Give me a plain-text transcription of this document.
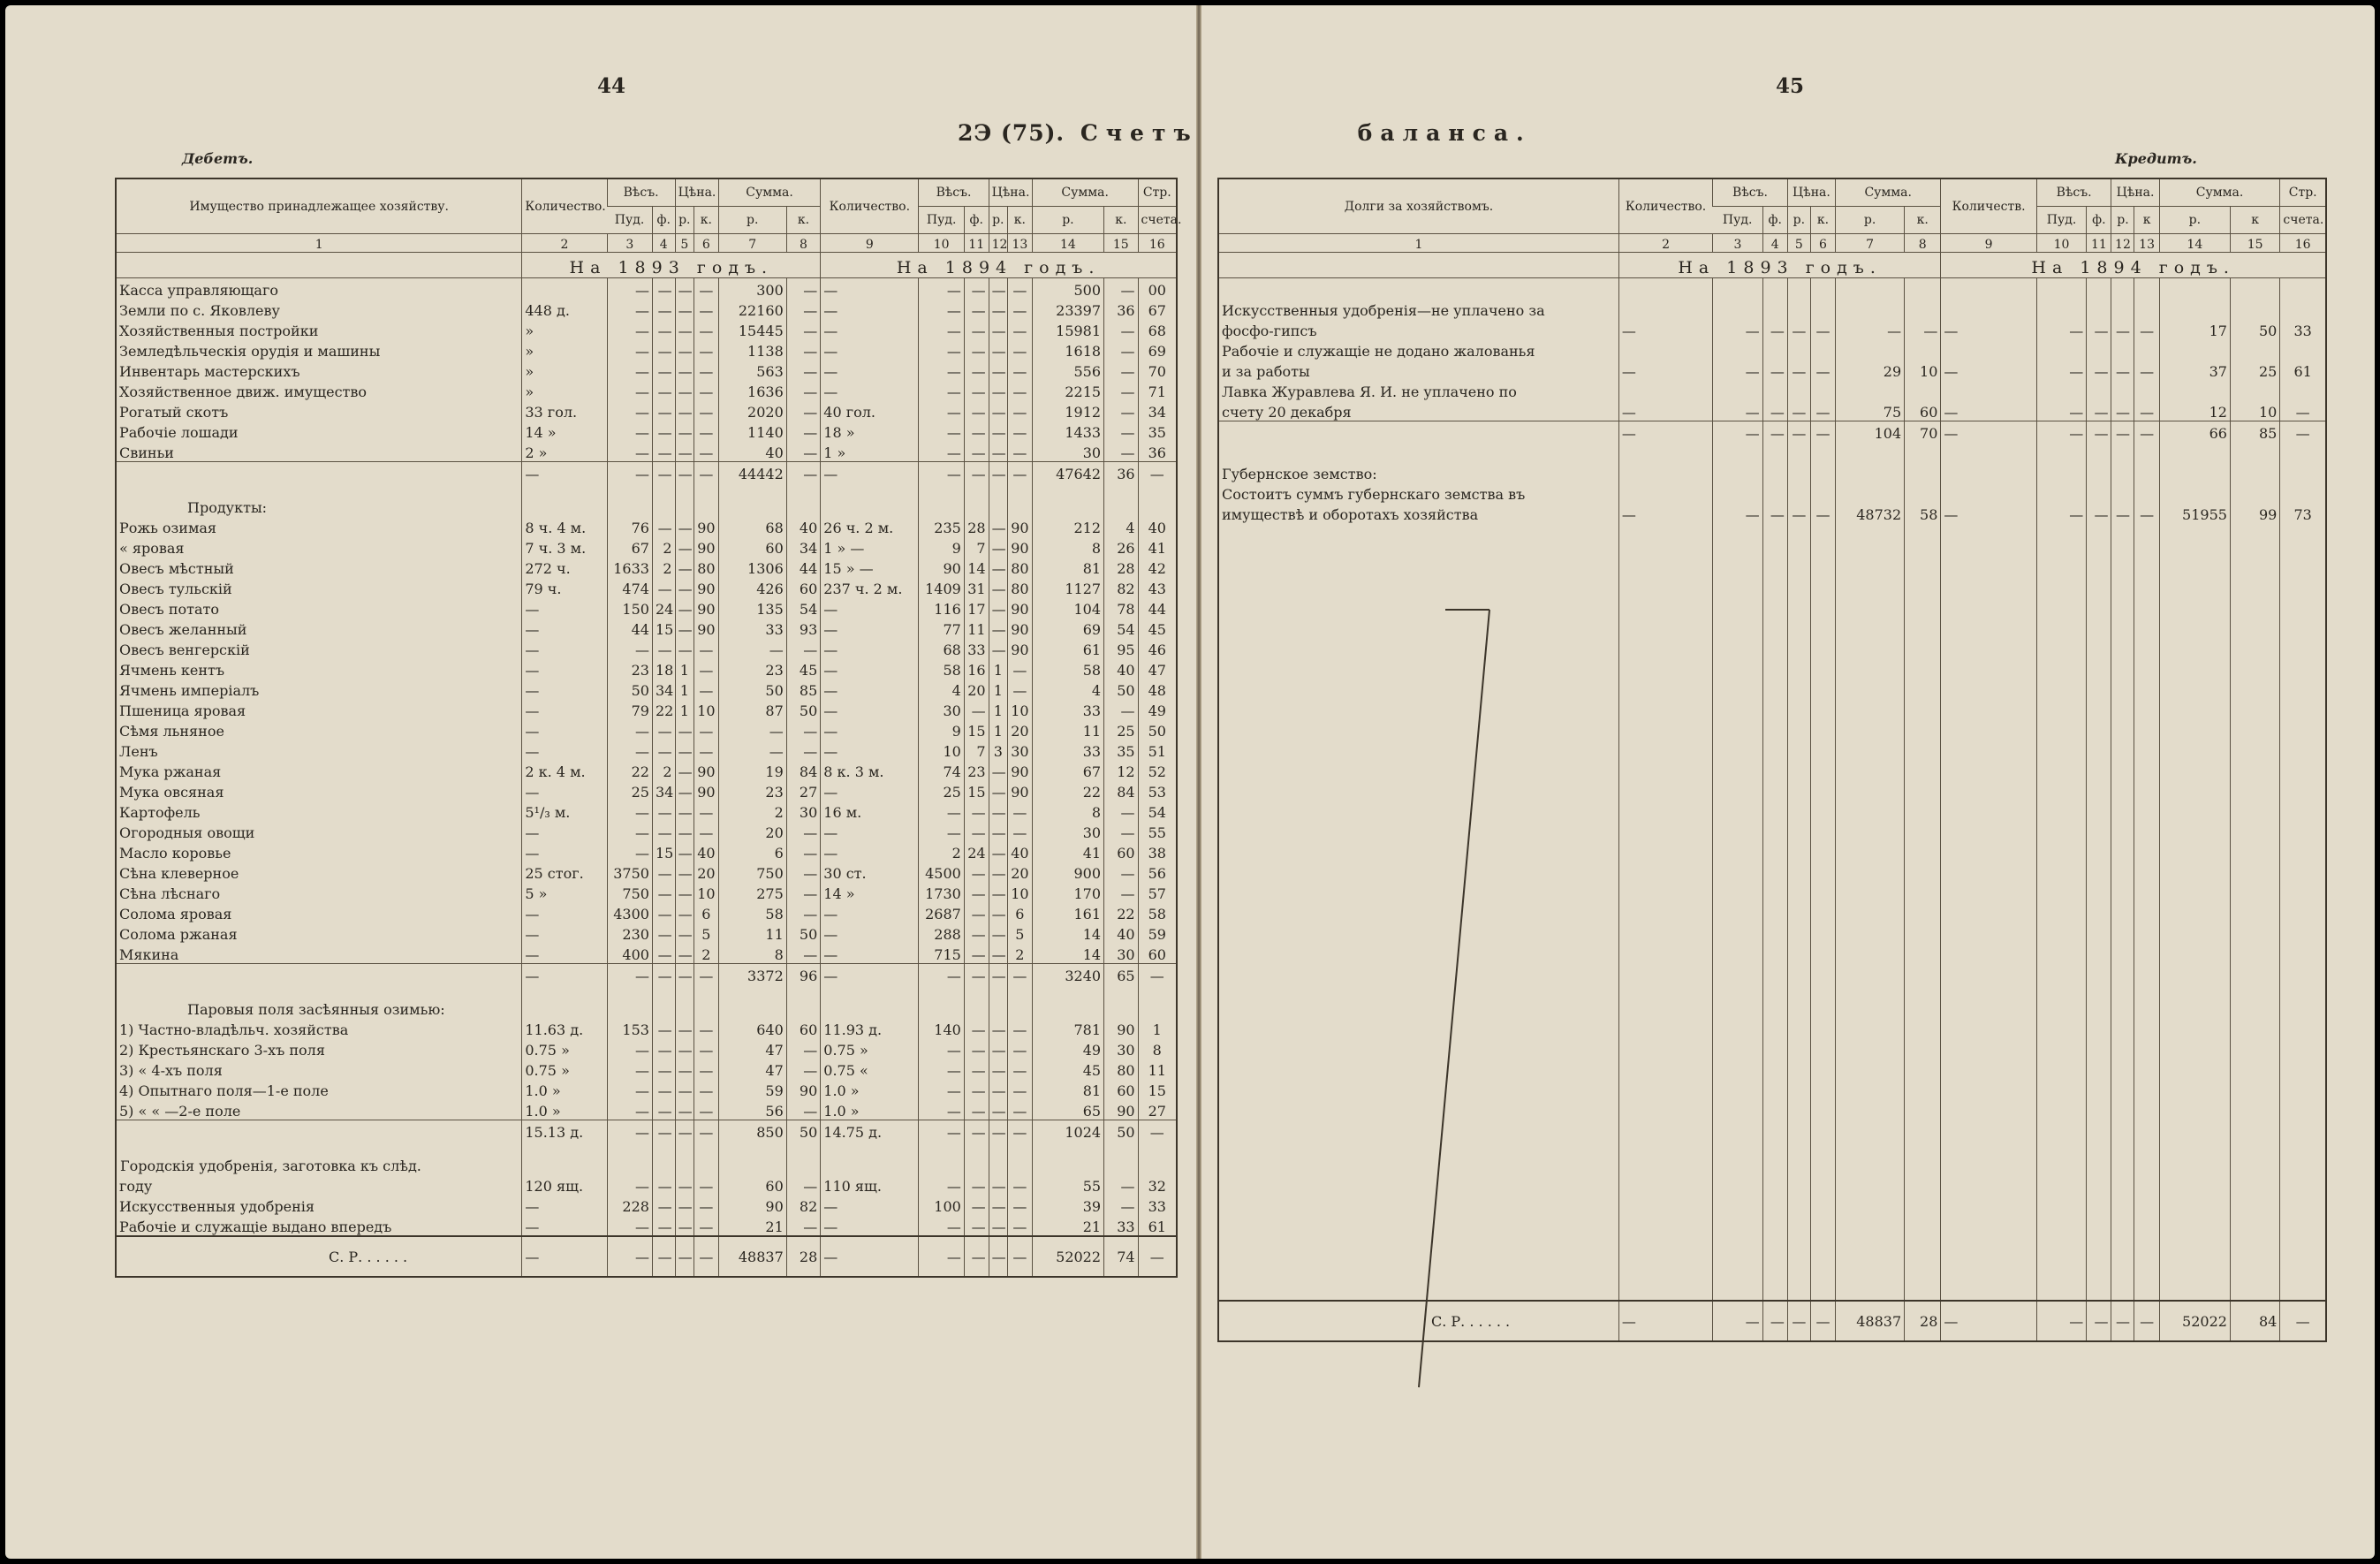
44	45
2Э (75). Счетъ	баланса.
Дебетъ.	Кредитъ.
Имущество принадлежащее хозяйству.	Количество.	Вѣсъ.		Цѣна.		Сумма.		Количество.	Вѣсъ.		Цѣна.		Сумма.		Стр.
		Пуд.	ф.	р.	к.	р.	к.		Пуд.	ф.	р.	к.	р.	к.	счета.
1	2	3	4	5	6	7	8	9	10	11	12	13	14	15	16
	На 1893 годъ.							На 1894 годъ.							
Касса управляющаго		—	—	—	—	300	—	—	—	—	—	—	500	—	00
Земли по с. Яковлеву	448 д.	—	—	—	—	22160	—	—	—	—	—	—	23397	36	67
Хозяйственныя постройки	»	—	—	—	—	15445	—	—	—	—	—	—	15981	—	68
Земледѣльческія орудія и машины	»	—	—	—	—	1138	—	—	—	—	—	—	1618	—	69
Инвентарь мастерскихъ	»	—	—	—	—	563	—	—	—	—	—	—	556	—	70
Хозяйственное движ. имущество	»	—	—	—	—	1636	—	—	—	—	—	—	2215	—	71
Рогатый скотъ	33 гол.	—	—	—	—	2020	—	40 гол.	—	—	—	—	1912	—	34
Рабочіе лошади	14 »	—	—	—	—	1140	—	18 »	—	—	—	—	1433	—	35
Свиньи	2 »	—	—	—	—	40	—	1 »	—	—	—	—	30	—	36
	—	—	—	—	—	44442	—	—	—	—	—	—	47642	36	—
Продукты:															
Рожь озимая	8 ч. 4 м.	76	—	—	90	68	40	26 ч. 2 м.	235	28	—	90	212	4	40
« яровая	7 ч. 3 м.	67	2	—	90	60	34	1 » —	9	7	—	90	8	26	41
Овесъ мѣстный	272 ч.	1633	2	—	80	1306	44	15 » —	90	14	—	80	81	28	42
Овесъ тульскій	79 ч.	474	—	—	90	426	60	237 ч. 2 м.	1409	31	—	80	1127	82	43
Овесъ потато	—	150	24	—	90	135	54	—	116	17	—	90	104	78	44
Овесъ желанный	—	44	15	—	90	33	93	—	77	11	—	90	69	54	45
Овесъ венгерскій	—	—	—	—	—	—	—	—	68	33	—	90	61	95	46
Ячмень кентъ	—	23	18	1	—	23	45	—	58	16	1	—	58	40	47
Ячмень имперіалъ	—	50	34	1	—	50	85	—	4	20	1	—	4	50	48
Пшеница яровая	—	79	22	1	10	87	50	—	30	—	1	10	33	—	49
Сѣмя льняное	—	—	—	—	—	—	—	—	9	15	1	20	11	25	50
Ленъ	—	—	—	—	—	—	—	—	10	7	3	30	33	35	51
Мука ржаная	2 к. 4 м.	22	2	—	90	19	84	8 к. 3 м.	74	23	—	90	67	12	52
Мука овсяная	—	25	34	—	90	23	27	—	25	15	—	90	22	84	53
Картофель	5¹/₃ м.	—	—	—	—	2	30	16 м.	—	—	—	—	8	—	54
Огородныя овощи	—	—	—	—	—	20	—	—	—	—	—	—	30	—	55
Масло коровье	—	—	15	—	40	6	—	—	2	24	—	40	41	60	38
Сѣна клеверное	25 стог.	3750	—	—	20	750	—	30 ст.	4500	—	—	20	900	—	56
Сѣна лѣснаго	5 »	750	—	—	10	275	—	14 »	1730	—	—	10	170	—	57
Солома яровая	—	4300	—	—	6	58	—	—	2687	—	—	6	161	22	58
Солома ржаная	—	230	—	—	5	11	50	—	288	—	—	5	14	40	59
Мякина	—	400	—	—	2	8	—	—	715	—	—	2	14	30	60
	—	—	—	—	—	3372	96	—	—	—	—	—	3240	65	—
Паровыя поля засѣянныя озимью:															
1) Частно-владѣльч. хозяйства	11.63 д.	153	—	—	—	640	60	11.93 д.	140	—	—	—	781	90	1
2) Крестьянскаго 3-хъ поля	0.75 »	—	—	—	—	47	—	0.75 »	—	—	—	—	49	30	8
3) « 4-хъ поля	0.75 »	—	—	—	—	47	—	0.75 «	—	—	—	—	45	80	11
4) Опытнаго поля—1-е поле	1.0 »	—	—	—	—	59	90	1.0 »	—	—	—	—	81	60	15
5) « « —2-е поле	1.0 »	—	—	—	—	56	—	1.0 »	—	—	—	—	65	90	27
	15.13 д.	—	—	—	—	850	50	14.75 д.	—	—	—	—	1024	50	—
Городскія удобренія, заготовка къ слѣд.															
году	120 ящ.	—	—	—	—	60	—	110 ящ.	—	—	—	—	55	—	32
Искусственныя удобренія	—	228	—	—	—	90	82	—	100	—	—	—	39	—	33
Рабочіе и служащіе выдано впередъ	—	—	—	—	—	21	—	—	—	—	—	—	21	33	61
С. Р. . . . . .	—	—	—	—	—	48837	28	—	—	—	—	—	52022	74	—
Долги за хозяйствомъ.	Количество.	Вѣсъ.		Цѣна.		Сумма.		Количеств.	Вѣсъ.		Цѣна.		Сумма.		Стр.
		Пуд.	ф.	р.	к.	р.	к.		Пуд.	ф.	р.	к	р.	к	счета.
1	2	3	4	5	6	7	8	9	10	11	12	13	14	15	16
	На 1893 годъ.							На 1894 годъ.							

Искусственныя удобренія—не уплачено за															
фосфо-гипсъ	—	—	—	—	—	—	—	—	—	—	—	—	17	50	33
Рабочіе и служащіе не додано жалованья															
и за работы	—	—	—	—	—	29	10	—	—	—	—	—	37	25	61
Лавка Журавлева Я. И. не уплачено по															
счету 20 декабря	—	—	—	—	—	75	60	—	—	—	—	—	12	10	—
	—	—	—	—	—	104	70	—	—	—	—	—	66	85	—

Губернское земство:															
Состоитъ суммъ губернскаго земства въ															
имуществѣ и оборотахъ хозяйства	—	—	—	—	—	48732	58	—	—	—	—	—	51955	99	73

С. Р. . . . . .	—	—	—	—	—	48837	28	—	—	—	—	—	52022	84	—
